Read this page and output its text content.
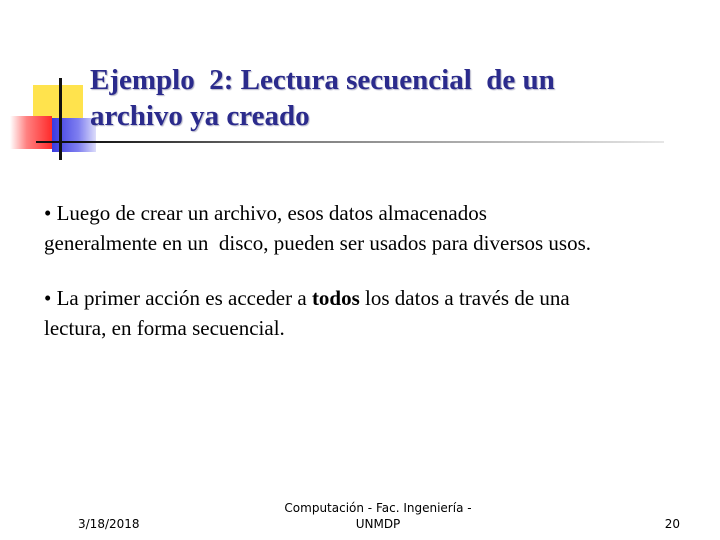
Ejemplo  2: Lectura secuencial  de un
archivo ya creado

• Luego de crear un archivo, esos datos almacenados
generalmente en un  disco, pueden ser usados para diversos usos.

• La primer acción es acceder a todos los datos a través de una
lectura, en forma secuencial.

3/18/2018
Computación - Fac. Ingeniería -
UNMDP	20
